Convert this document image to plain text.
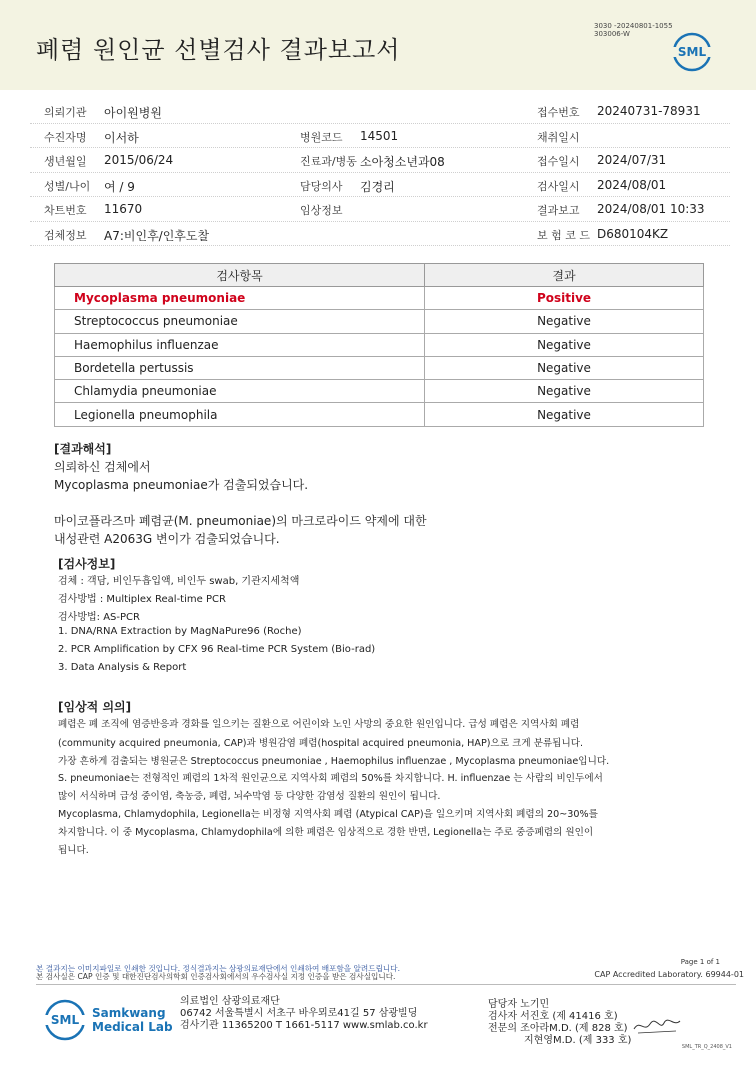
폐렴 원인균 선별검사 결과보고서
3030 -20240801-1055
303006-W
SML
의뢰기관 아이원병원	접수번호 20240731-78931
수진자명 이서하	병원코드 14501	채취일시
생년월일 2015/06/24	진료과/병동 소아청소년과08	접수일시 2024/07/31
성별/나이 여 / 9	담당의사 김경리	검사일시 2024/08/01
차트번호 11670	임상정보	결과보고 2024/08/01 10:33
검체정보 A7:비인후/인후도찰	보 험 코 드 D680104KZ
검사항목	결과
Mycoplasma pneumoniae	Positive
Streptococcus pneumoniae	Negative
Haemophilus influenzae	Negative
Bordetella pertussis	Negative
Chlamydia pneumoniae	Negative
Legionella pneumophila	Negative
[결과해석]
의뢰하신 검체에서
Mycoplasma pneumoniae가 검출되었습니다.
마이코플라즈마 폐렴균(M. pneumoniae)의 마크로라이드 약제에 대한
내성관련 A2063G 변이가 검출되었습니다.
[검사정보]
검체 : 객담, 비인두흡입액, 비인두 swab, 기관지세척액
검사방법 : Multiplex Real-time PCR
검사방법: AS-PCR
1. DNA/RNA Extraction by MagNaPure96 (Roche)
2. PCR Amplification by CFX 96 Real-time PCR System (Bio-rad)
3. Data Analysis & Report
[임상적 의의]
폐렴은 폐 조직에 염증반응과 경화를 일으키는 질환으로 어린이와 노인 사망의 중요한 원인입니다. 급성 폐렴은 지역사회 폐렴
(community acquired pneumonia, CAP)과 병원감염 폐렴(hospital acquired pneumonia, HAP)으로 크게 분류됩니다.
가장 흔하게 검출되는 병원균은 Streptococcus pneumoniae , Haemophilus influenzae , Mycoplasma pneumoniae입니다.
S. pneumoniae는 전형적인 폐렴의 1차적 원인균으로 지역사회 폐렴의 50%를 차지합니다. H. influenzae 는 사람의 비인두에서
많이 서식하며 급성 중이염, 축농증, 폐렴, 뇌수막염 등 다양한 감염성 질환의 원인이 됩니다.
Mycoplasma, Chlamydophila, Legionella는 비정형 지역사회 폐렴 (Atypical CAP)을 일으키며 지역사회 폐렴의 20~30%를
차지합니다. 이 중 Mycoplasma, Chlamydophila에 의한 폐렴은 임상적으로 경한 반면, Legionella는 주로 중증폐렴의 원인이
됩니다.
본 결과지는 이미지파일로 인쇄한 것입니다. 정식결과지는 삼광의료재단에서 인쇄하여 배포함을 알려드립니다.
본 검사실은 CAP 인증 및 대한진단검사의학회 인증검사회에서의 우수검사실 지정 인증을 받은 검사실입니다.
Page 1 of 1
CAP Accredited Laboratory. 69944-01
SML Samkwang
Medical Lab
의료법인 삼광의료재단
06742 서울특별시 서초구 바우뫼로41길 57 삼광빌딩
검사기관 11365200 T 1661-5117 www.smlab.co.kr
담당자 노기민
검사자 서진호 (제 41416 호)
전문의 조아라M.D. (제 828 호)
지현영M.D. (제 333 호)
SML_TR_Q_2408_V1
